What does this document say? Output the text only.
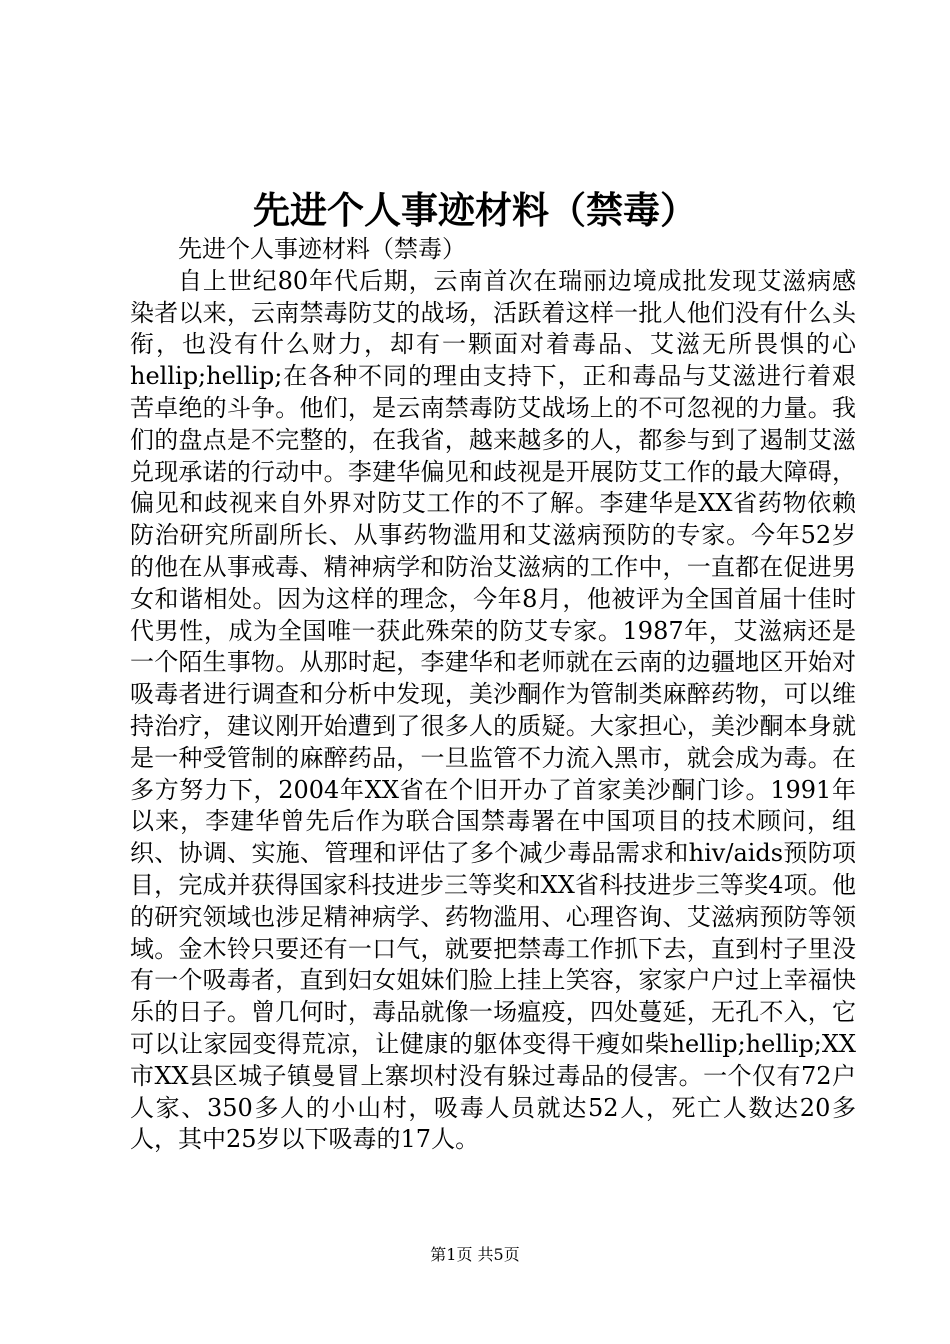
先进个人事迹材料（禁毒）

先进个人事迹材料（禁毒）

自上世纪80年代后期，云南首次在瑞丽边境成批发现艾滋病感染者以来，云南禁毒防艾的战场，活跃着这样一批人他们没有什么头衔，也没有什么财力，却有一颗面对着毒品、艾滋无所畏惧的心hellip;hellip;在各种不同的理由支持下，正和毒品与艾滋进行着艰苦卓绝的斗争。他们，是云南禁毒防艾战场上的不可忽视的力量。我们的盘点是不完整的，在我省，越来越多的人，都参与到了遏制艾滋兑现承诺的行动中。李建华偏见和歧视是开展防艾工作的最大障碍，偏见和歧视来自外界对防艾工作的不了解。李建华是XX省药物依赖防治研究所副所长、从事药物滥用和艾滋病预防的专家。今年52岁的他在从事戒毒、精神病学和防治艾滋病的工作中，一直都在促进男女和谐相处。因为这样的理念，今年8月，他被评为全国首届十佳时代男性，成为全国唯一获此殊荣的防艾专家。1987年，艾滋病还是一个陌生事物。从那时起，李建华和老师就在云南的边疆地区开始对吸毒者进行调查和分析中发现，美沙酮作为管制类麻醉药物，可以维持治疗，建议刚开始遭到了很多人的质疑。大家担心，美沙酮本身就是一种受管制的麻醉药品，一旦监管不力流入黑市，就会成为毒。在多方努力下，2004年XX省在个旧开办了首家美沙酮门诊。1991年以来，李建华曾先后作为联合国禁毒署在中国项目的技术顾问，组织、协调、实施、管理和评估了多个减少毒品需求和hiv/aids预防项目，完成并获得国家科技进步三等奖和XX省科技进步三等奖4项。他的研究领域也涉足精神病学、药物滥用、心理咨询、艾滋病预防等领域。金木铃只要还有一口气，就要把禁毒工作抓下去，直到村子里没有一个吸毒者，直到妇女姐妹们脸上挂上笑容，家家户户过上幸福快乐的日子。曾几何时，毒品就像一场瘟疫，四处蔓延，无孔不入，它可以让家园变得荒凉，让健康的躯体变得干瘦如柴hellip;hellip;XX市XX县区城子镇曼冒上寨坝村没有躲过毒品的侵害。一个仅有72户人家、350多人的小山村，吸毒人员就达52人，死亡人数达20多人，其中25岁以下吸毒的17人。

第1页 共5页
